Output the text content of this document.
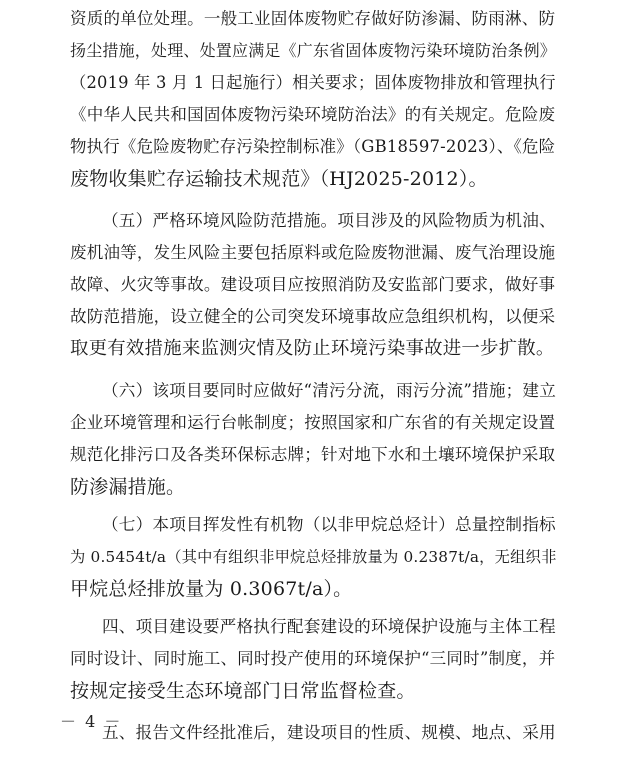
资质的单位处理。一般工业固体废物贮存做好防渗漏、防雨淋、防
扬尘措施，处理、处置应满足《广东省固体废物污染环境防治条例》
（2019 年 3 月 1 日起施行）相关要求；固体废物排放和管理执行
《中华人民共和国固体废物污染环境防治法》的有关规定。危险废
物执行《危险废物贮存污染控制标准》（GB18597-2023）、《危险
废物收集贮存运输技术规范》（HJ2025-2012）。
（五）严格环境风险防范措施。项目涉及的风险物质为机油、
废机油等，发生风险主要包括原料或危险废物泄漏、废气治理设施
故障、火灾等事故。建设项目应按照消防及安监部门要求，做好事
故防范措施，设立健全的公司突发环境事故应急组织机构，以便采
取更有效措施来监测灾情及防止环境污染事故进一步扩散。
（六）该项目要同时应做好“清污分流，雨污分流”措施；建立
企业环境管理和运行台帐制度；按照国家和广东省的有关规定设置
规范化排污口及各类环保标志牌；针对地下水和土壤环境保护采取
防渗漏措施。
（七）本项目挥发性有机物（以非甲烷总烃计）总量控制指标
为 0.5454t/a（其中有组织非甲烷总烃排放量为 0.2387t/a，无组织非
甲烷总烃排放量为 0.3067t/a）。
四、项目建设要严格执行配套建设的环境保护设施与主体工程
同时设计、同时施工、同时投产使用的环境保护“三同时”制度，并
按规定接受生态环境部门日常监督检查。
五、报告文件经批准后，建设项目的性质、规模、地点、采用
－ 4 －
